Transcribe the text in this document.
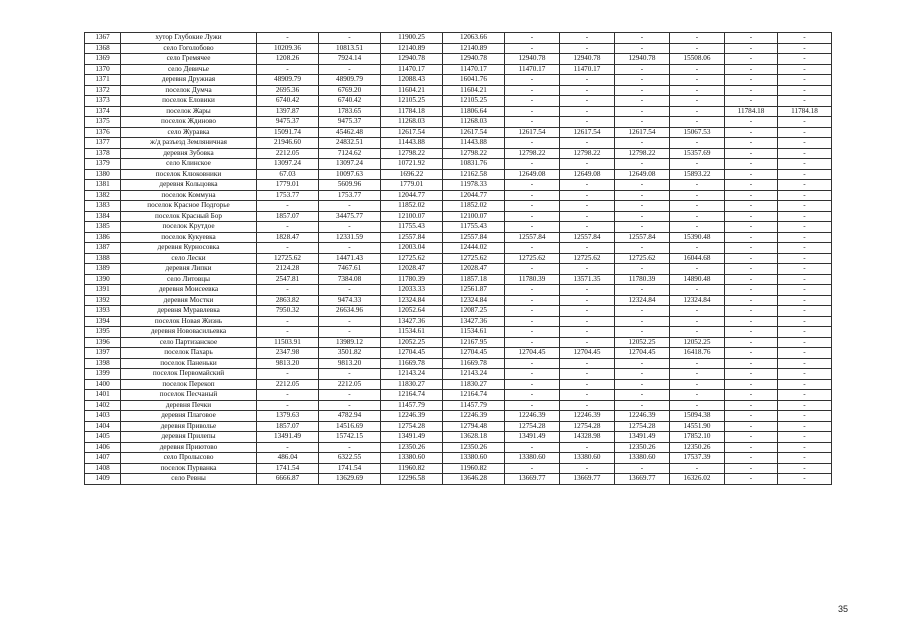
1367	хутор Глубокие Лужи	-	-	11900.25	12063.66	-	-	-	-	-	-
1368	село Гоголобово	10209.36	10813.51	12140.89	12140.89	-	-	-	-	-	-
1369	село Гремячее	1208.26	7924.14	12940.78	12940.78	12940.78	12940.78	12940.78	15508.06	-	-
1370	село Девичье	-	-	11470.17	11470.17	11470.17	11470.17	-	-	-	-
1371	деревня Дружная	48909.79	48909.79	12088.43	16041.76	-	-	-	-	-	-
1372	поселок Думча	2695.36	6769.20	11604.21	11604.21	-	-	-	-	-	-
1373	поселок Еловики	6740.42	6740.42	12105.25	12105.25	-	-	-	-	-	-
1374	поселок Жары	1397.87	1783.65	11784.18	11806.64	-	-	-	-	11784.18	11784.18
1375	поселок Ждиново	9475.37	9475.37	11268.03	11268.03	-	-	-	-	-	-
1376	село Журавка	15091.74	45462.48	12617.54	12617.54	12617.54	12617.54	12617.54	15067.53	-	-
1377	ж/д разъезд Земляничная	21946.60	24832.51	11443.88	11443.88	-	-	-	-	-	-
1378	деревня Зубовка	2212.05	7124.62	12798.22	12798.22	12798.22	12798.22	12798.22	15357.69	-	-
1379	село Клинское	13097.24	13097.24	10721.92	10831.76	-	-	-	-	-	-
1380	поселок Клюковники	67.03	10097.63	1696.22	12162.58	12649.08	12649.08	12649.08	15893.22	-	-
1381	деревня Кольцовка	1779.01	5609.96	1779.01	11978.33	-	-	-	-	-	-
1382	поселок Коммуна	1753.77	1753.77	12044.77	12044.77	-	-	-	-	-	-
1383	поселок Красное Подгорье	-	-	11852.02	11852.02	-	-	-	-	-	-
1384	поселок Красный Бор	1857.07	34475.77	12100.07	12100.07	-	-	-	-	-	-
1385	поселок Крутдое	-	-	11755.43	11755.43	-	-	-	-	-	-
1386	поселок Кукуевка	1828.47	12331.59	12557.84	12557.84	12557.84	12557.84	12557.84	15390.48	-	-
1387	деревня Курносовка	-	-	12003.04	12444.02	-	-	-	-	-	-
1388	село Лески	12725.62	14471.43	12725.62	12725.62	12725.62	12725.62	12725.62	16044.68	-	-
1389	деревня Липки	2124.28	7467.61	12028.47	12028.47	-	-	-	-	-	-
1390	село Литовцы	2547.81	7384.08	11780.39	11857.18	11780.39	13571.35	11780.39	14890.48	-	-
1391	деревня Моисеевка	-	-	12033.33	12561.87	-	-	-	-	-	-
1392	деревня Мостки	2863.82	9474.33	12324.84	12324.84	-	-	12324.84	12324.84	-	-
1393	деревня Муравлевка	7950.32	26634.96	12052.64	12087.25	-	-	-	-	-	-
1394	поселок Новая Жизнь	-	-	13427.36	13427.36	-	-	-	-	-	-
1395	деревня Нововасильевка	-	-	11534.61	11534.61	-	-	-	-	-	-
1396	село Партизанское	11503.91	13989.12	12052.25	12167.95	-	-	12052.25	12052.25	-	-
1397	поселок Пахарь	2347.98	3501.82	12704.45	12704.45	12704.45	12704.45	12704.45	16418.76	-	-
1398	поселок Паненьки	9813.20	9813.20	11669.78	11669.78	-	-	-	-	-	-
1399	поселок Первомайский	-	-	12143.24	12143.24	-	-	-	-	-	-
1400	поселок Перекоп	2212.05	2212.05	11830.27	11830.27	-	-	-	-	-	-
1401	поселок Песчаный	-	-	12164.74	12164.74	-	-	-	-	-	-
1402	деревня Печки	-	-	11457.79	11457.79	-	-	-	-	-	-
1403	деревня Плаговое	1379.63	4782.94	12246.39	12246.39	12246.39	12246.39	12246.39	15094.38	-	-
1404	деревня Приволье	1857.07	14516.69	12754.28	12794.48	12754.28	12754.28	12754.28	14551.90	-	-
1405	деревня Прилепы	13491.49	15742.15	13491.49	13628.18	13491.49	14328.98	13491.49	17852.10	-	-
1406	деревня Приютово	-	-	12350.26	12350.26	-	-	12350.26	12350.26	-	-
1407	село Пролысово	486.04	6322.55	13380.60	13380.60	13380.60	13380.60	13380.60	17537.39	-	-
1408	поселок Пурванка	1741.54	1741.54	11960.82	11960.82	-	-	-	-	-	-
1409	село Ревны	6666.87	13629.69	12296.58	13646.28	13669.77	13669.77	13669.77	16326.02	-	-
35
